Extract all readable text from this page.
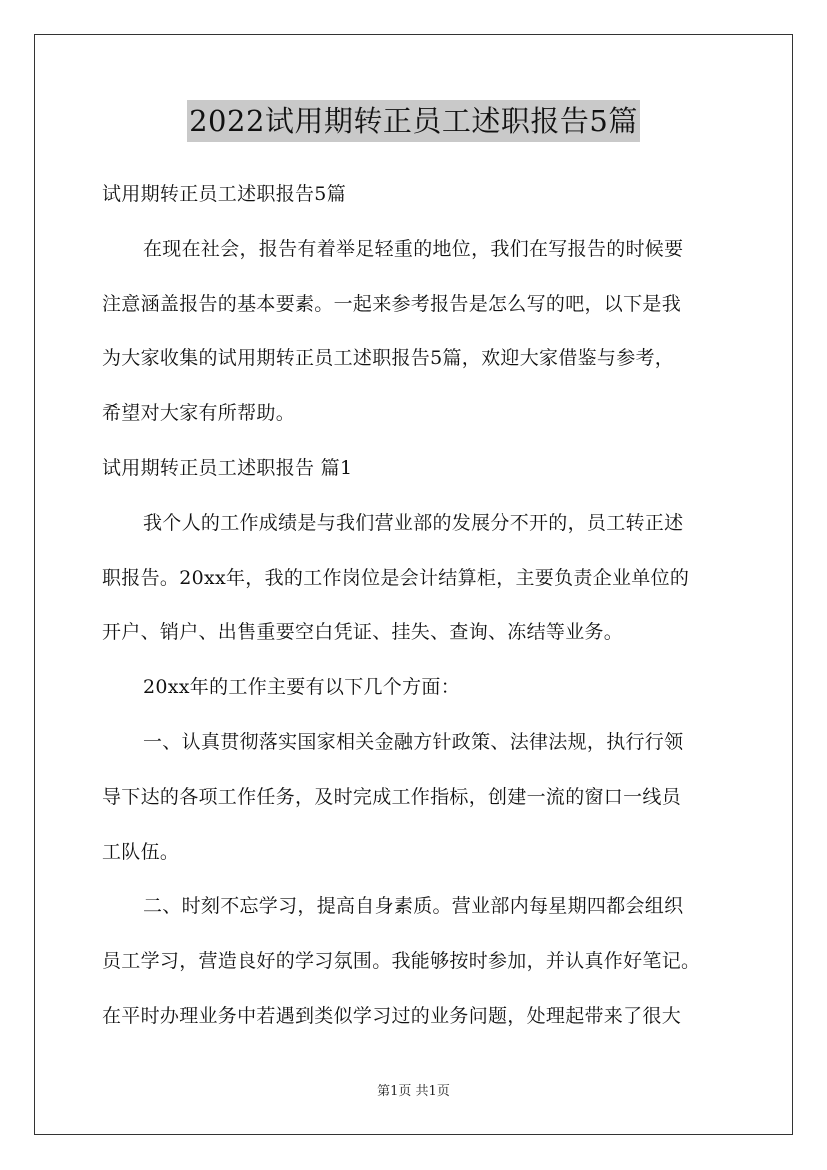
2022试用期转正员工述职报告5篇

试用期转正员工述职报告5篇

在现在社会，报告有着举足轻重的地位，我们在写报告的时候要

注意涵盖报告的基本要素。一起来参考报告是怎么写的吧，以下是我

为大家收集的试用期转正员工述职报告5篇，欢迎大家借鉴与参考，

希望对大家有所帮助。

试用期转正员工述职报告 篇1

我个人的工作成绩是与我们营业部的发展分不开的，员工转正述

职报告。20xx年，我的工作岗位是会计结算柜，主要负责企业单位的

开户、销户、出售重要空白凭证、挂失、查询、冻结等业务。

20xx年的工作主要有以下几个方面：

一、认真贯彻落实国家相关金融方针政策、法律法规，执行行领

导下达的各项工作任务，及时完成工作指标，创建一流的窗口一线员

工队伍。

二、时刻不忘学习，提高自身素质。营业部内每星期四都会组织

员工学习，营造良好的学习氛围。我能够按时参加，并认真作好笔记。

在平时办理业务中若遇到类似学习过的业务问题，处理起带来了很大

第1页 共1页
